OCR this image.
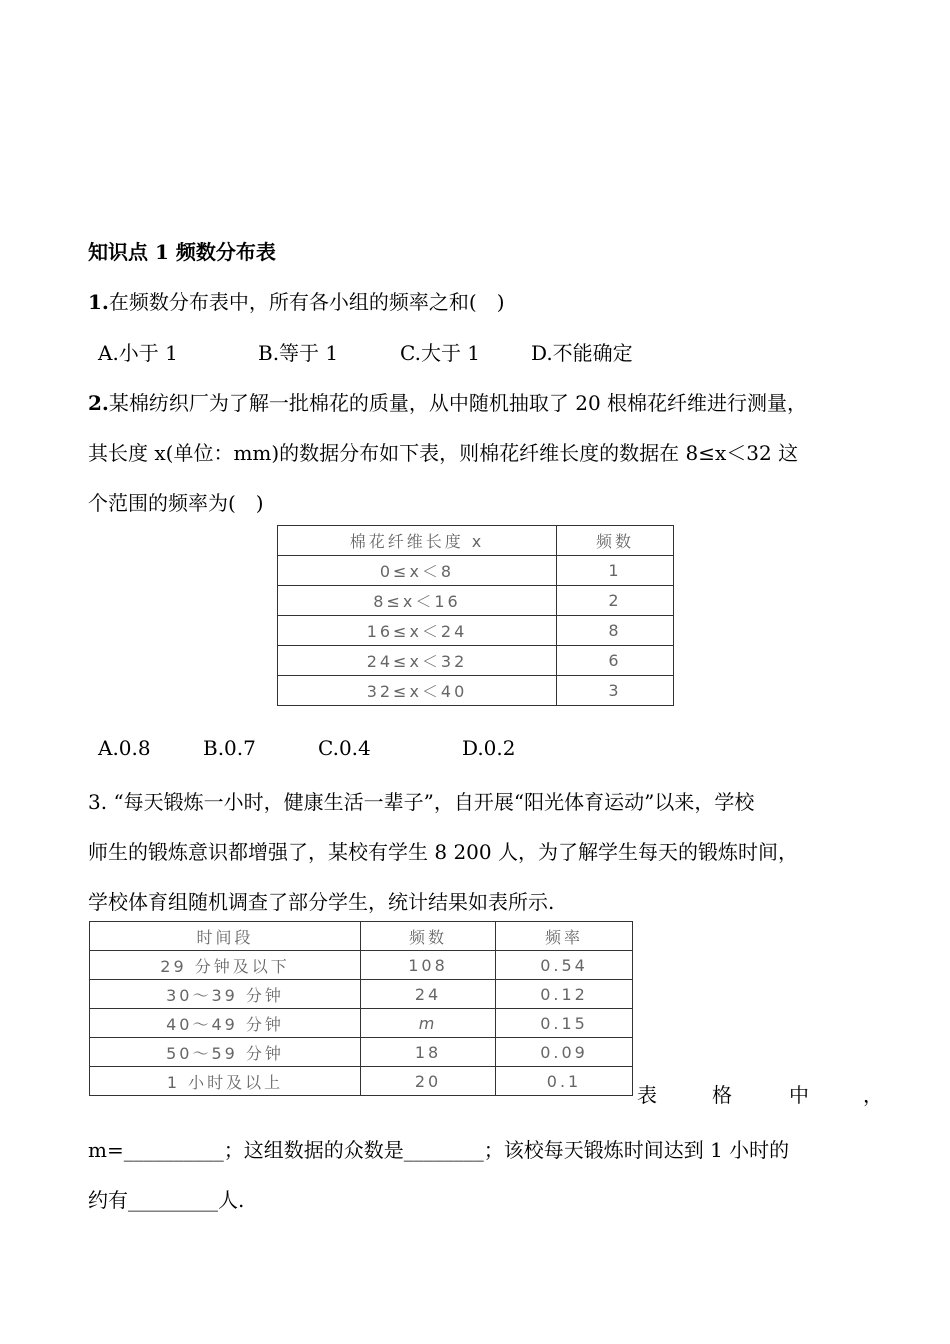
知识点 1 频数分布表
1.在频数分布表中，所有各小组的频率之和(　)
A.小于 1	B.等于 1	C.大于 1	D.不能确定
2.某棉纺织厂为了解一批棉花的质量，从中随机抽取了 20 根棉花纤维进行测量，
其长度 x(单位：mm)的数据分布如下表，则棉花纤维长度的数据在 8≤x＜32 这
个范围的频率为(　)
棉花纤维长度 x	频数
0≤x＜8	1
8≤x＜16	2
16≤x＜24	8
24≤x＜32	6
32≤x＜40	3
A.0.8	B.0.7	C.0.4	D.0.2
3. “每天锻炼一小时，健康生活一辈子”，自开展“阳光体育运动”以来，学校
师生的锻炼意识都增强了，某校有学生 8 200 人，为了解学生每天的锻炼时间，
学校体育组随机调查了部分学生，统计结果如表所示.
时间段	频数	频率
29 分钟及以下	108	0.54
30～39 分钟	24	0.12
40～49 分钟	m	0.15
50～59 分钟	18	0.09
1 小时及以上	20	0.1
表	格	中	，
m=__________；这组数据的众数是________；该校每天锻炼时间达到 1 小时的
约有_________人.
